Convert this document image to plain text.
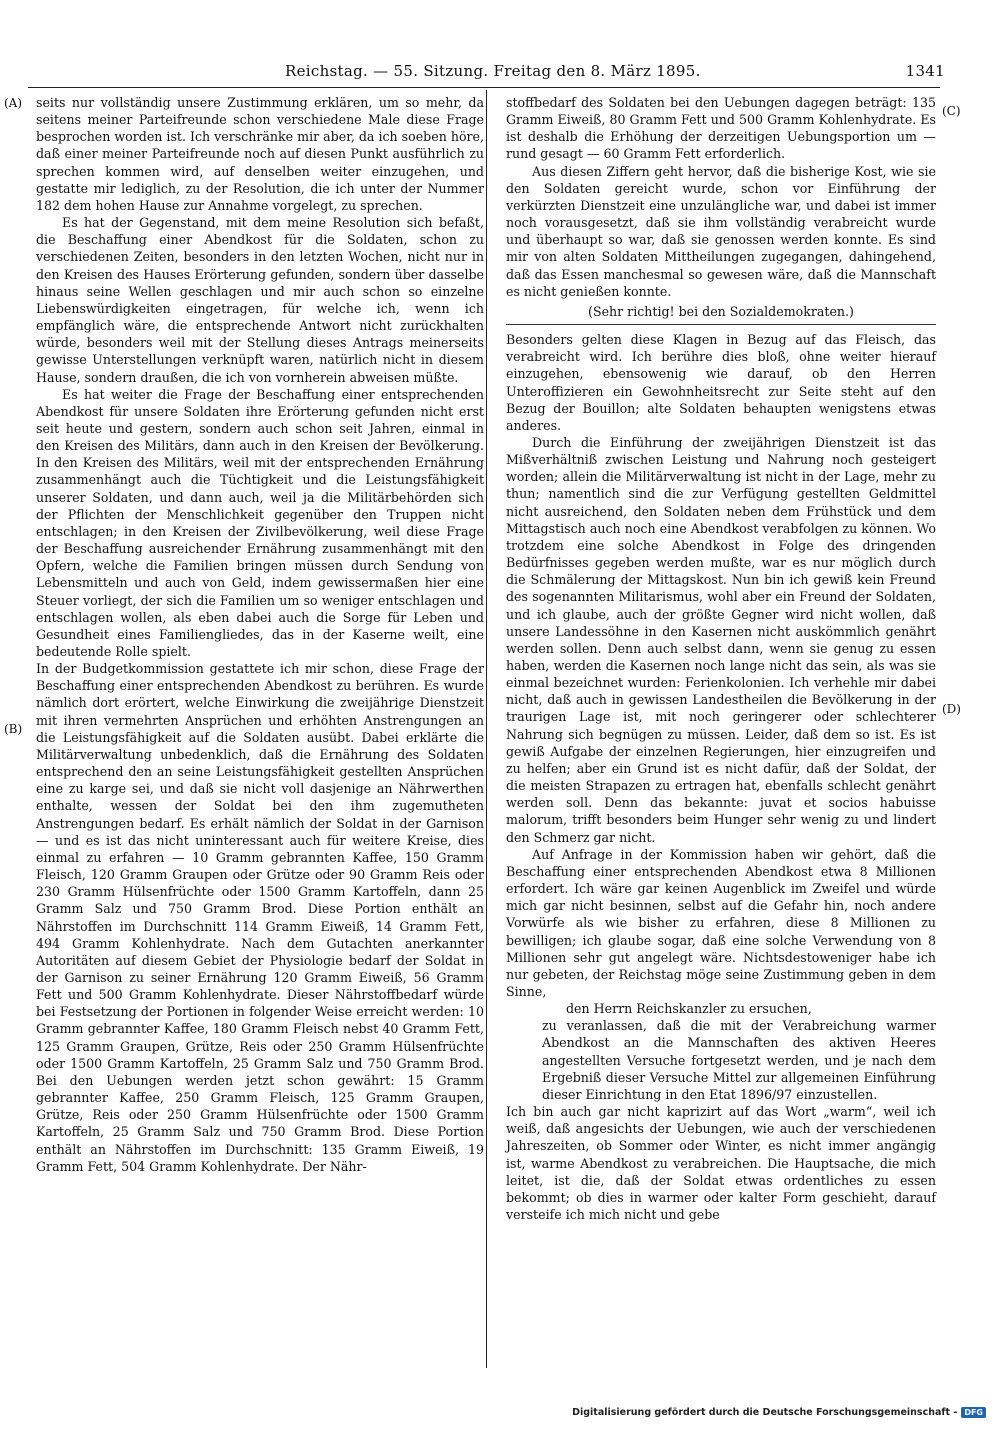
Reichstag. — 55. Sitzung. Freitag den 8. März 1895.	1341
(A)
(B)
(C)
(D)

seits nur vollständig unsere Zustimmung erklären, um so mehr, da seitens meiner Parteifreunde schon verschiedene Male diese Frage besprochen worden ist. Ich verschränke mir aber, da ich soeben höre, daß einer meiner Parteifreunde noch auf diesen Punkt ausführlich zu sprechen kommen wird, auf denselben weiter einzugehen, und gestatte mir lediglich, zu der Resolution, die ich unter der Nummer 182 dem hohen Hause zur Annahme vorgelegt, zu sprechen.

Es hat der Gegenstand, mit dem meine Resolution sich befaßt, die Beschaffung einer Abendkost für die Soldaten, schon zu verschiedenen Zeiten, besonders in den letzten Wochen, nicht nur in den Kreisen des Hauses Erörterung gefunden, sondern über dasselbe hinaus seine Wellen geschlagen und mir auch schon so einzelne Liebenswürdigkeiten eingetragen, für welche ich, wenn ich empfänglich wäre, die entsprechende Antwort nicht zurückhalten würde, besonders weil mit der Stellung dieses Antrags meinerseits gewisse Unterstellungen verknüpft waren, natürlich nicht in diesem Hause, sondern draußen, die ich von vornherein abweisen müßte.

Es hat weiter die Frage der Beschaffung einer entsprechenden Abendkost für unsere Soldaten ihre Erörterung gefunden nicht erst seit heute und gestern, sondern auch schon seit Jahren, einmal in den Kreisen des Militärs, dann auch in den Kreisen der Bevölkerung. In den Kreisen des Militärs, weil mit der entsprechenden Ernährung zusammenhängt auch die Tüchtigkeit und die Leistungsfähigkeit unserer Soldaten, und dann auch, weil ja die Militärbehörden sich der Pflichten der Menschlichkeit gegenüber den Truppen nicht entschlagen; in den Kreisen der Zivilbevölkerung, weil diese Frage der Beschaffung ausreichender Ernährung zusammenhängt mit den Opfern, welche die Familien bringen müssen durch Sendung von Lebensmitteln und auch von Geld, indem gewissermaßen hier eine Steuer vorliegt, der sich die Familien um so weniger entschlagen und entschlagen wollen, als eben dabei auch die Sorge für Leben und Gesundheit eines Familiengliedes, das in der Kaserne weilt, eine bedeutende Rolle spielt.

In der Budgetkommission gestattete ich mir schon, diese Frage der Beschaffung einer entsprechenden Abendkost zu berühren. Es wurde nämlich dort erörtert, welche Einwirkung die zweijährige Dienstzeit mit ihren vermehrten Ansprüchen und erhöhten Anstrengungen an die Leistungsfähigkeit auf die Soldaten ausübt. Dabei erklärte die Militärverwaltung unbedenklich, daß die Ernährung des Soldaten entsprechend den an seine Leistungsfähigkeit gestellten Ansprüchen eine zu karge sei, und daß sie nicht voll dasjenige an Nährwerthen enthalte, wessen der Soldat bei den ihm zugemutheten Anstrengungen bedarf. Es erhält nämlich der Soldat in der Garnison — und es ist das nicht uninteressant auch für weitere Kreise, dies einmal zu erfahren — 10 Gramm gebrannten Kaffee, 150 Gramm Fleisch, 120 Gramm Graupen oder Grütze oder 90 Gramm Reis oder 230 Gramm Hülsenfrüchte oder 1500 Gramm Kartoffeln, dann 25 Gramm Salz und 750 Gramm Brod. Diese Portion enthält an Nährstoffen im Durchschnitt 114 Gramm Eiweiß, 14 Gramm Fett, 494 Gramm Kohlenhydrate. Nach dem Gutachten anerkannter Autoritäten auf diesem Gebiet der Physiologie bedarf der Soldat in der Garnison zu seiner Ernährung 120 Gramm Eiweiß, 56 Gramm Fett und 500 Gramm Kohlenhydrate. Dieser Nährstoffbedarf würde bei Festsetzung der Portionen in folgender Weise erreicht werden: 10 Gramm gebrannter Kaffee, 180 Gramm Fleisch nebst 40 Gramm Fett, 125 Gramm Graupen, Grütze, Reis oder 250 Gramm Hülsenfrüchte oder 1500 Gramm Kartoffeln, 25 Gramm Salz und 750 Gramm Brod. Bei den Uebungen werden jetzt schon gewährt: 15 Gramm gebrannter Kaffee, 250 Gramm Fleisch, 125 Gramm Graupen, Grütze, Reis oder 250 Gramm Hülsenfrüchte oder 1500 Gramm Kartoffeln, 25 Gramm Salz und 750 Gramm Brod. Diese Portion enthält an Nährstoffen im Durchschnitt: 135 Gramm Eiweiß, 19 Gramm Fett, 504 Gramm Kohlenhydrate. Der Nähr-

stoffbedarf des Soldaten bei den Uebungen dagegen beträgt: 135 Gramm Eiweiß, 80 Gramm Fett und 500 Gramm Kohlenhydrate. Es ist deshalb die Erhöhung der derzeitigen Uebungsportion um — rund gesagt — 60 Gramm Fett erforderlich.

Aus diesen Ziffern geht hervor, daß die bisherige Kost, wie sie den Soldaten gereicht wurde, schon vor Einführung der verkürzten Dienstzeit eine unzulängliche war, und dabei ist immer noch vorausgesetzt, daß sie ihm vollständig verabreicht wurde und überhaupt so war, daß sie genossen werden konnte. Es sind mir von alten Soldaten Mittheilungen zugegangen, dahingehend, daß das Essen manchesmal so gewesen wäre, daß die Mannschaft es nicht genießen konnte.

(Sehr richtig! bei den Sozialdemokraten.)

Besonders gelten diese Klagen in Bezug auf das Fleisch, das verabreicht wird. Ich berühre dies bloß, ohne weiter hierauf einzugehen, ebensowenig wie darauf, ob den Herren Unteroffizieren ein Gewohnheitsrecht zur Seite steht auf den Bezug der Bouillon; alte Soldaten behaupten wenigstens etwas anderes.

Durch die Einführung der zweijährigen Dienstzeit ist das Mißverhältniß zwischen Leistung und Nahrung noch gesteigert worden; allein die Militärverwaltung ist nicht in der Lage, mehr zu thun; namentlich sind die zur Verfügung gestellten Geldmittel nicht ausreichend, den Soldaten neben dem Frühstück und dem Mittagstisch auch noch eine Abendkost verabfolgen zu können. Wo trotzdem eine solche Abendkost in Folge des dringenden Bedürfnisses gegeben werden mußte, war es nur möglich durch die Schmälerung der Mittagskost. Nun bin ich gewiß kein Freund des sogenannten Militarismus, wohl aber ein Freund der Soldaten, und ich glaube, auch der größte Gegner wird nicht wollen, daß unsere Landessöhne in den Kasernen nicht auskömmlich genährt werden sollen. Denn auch selbst dann, wenn sie genug zu essen haben, werden die Kasernen noch lange nicht das sein, als was sie einmal bezeichnet wurden: Ferienkolonien. Ich verhehle mir dabei nicht, daß auch in gewissen Landestheilen die Bevölkerung in der traurigen Lage ist, mit noch geringerer oder schlechterer Nahrung sich begnügen zu müssen. Leider, daß dem so ist. Es ist gewiß Aufgabe der einzelnen Regierungen, hier einzugreifen und zu helfen; aber ein Grund ist es nicht dafür, daß der Soldat, der die meisten Strapazen zu ertragen hat, ebenfalls schlecht genährt werden soll. Denn das bekannte: juvat et socios habuisse malorum, trifft besonders beim Hunger sehr wenig zu und lindert den Schmerz gar nicht.

Auf Anfrage in der Kommission haben wir gehört, daß die Beschaffung einer entsprechenden Abendkost etwa 8 Millionen erfordert. Ich wäre gar keinen Augenblick im Zweifel und würde mich gar nicht besinnen, selbst auf die Gefahr hin, noch andere Vorwürfe als wie bisher zu erfahren, diese 8 Millionen zu bewilligen; ich glaube sogar, daß eine solche Verwendung von 8 Millionen sehr gut angelegt wäre. Nichtsdestoweniger habe ich nur gebeten, der Reichstag möge seine Zustimmung geben in dem Sinne,

den Herrn Reichskanzler zu ersuchen,

zu veranlassen, daß die mit der Verabreichung warmer Abendkost an die Mannschaften des aktiven Heeres angestellten Versuche fortgesetzt werden, und je nach dem Ergebniß dieser Versuche Mittel zur allgemeinen Einführung dieser Einrichtung in den Etat 1896/97 einzustellen.

Ich bin auch gar nicht kaprizirt auf das Wort „warm“, weil ich weiß, daß angesichts der Uebungen, wie auch der verschiedenen Jahreszeiten, ob Sommer oder Winter, es nicht immer angängig ist, warme Abendkost zu verabreichen. Die Hauptsache, die mich leitet, ist die, daß der Soldat etwas ordentliches zu essen bekommt; ob dies in warmer oder kalter Form geschieht, darauf versteife ich mich nicht und gebe

Digitalisierung gefördert durch die Deutsche Forschungsgemeinschaft - DFG
